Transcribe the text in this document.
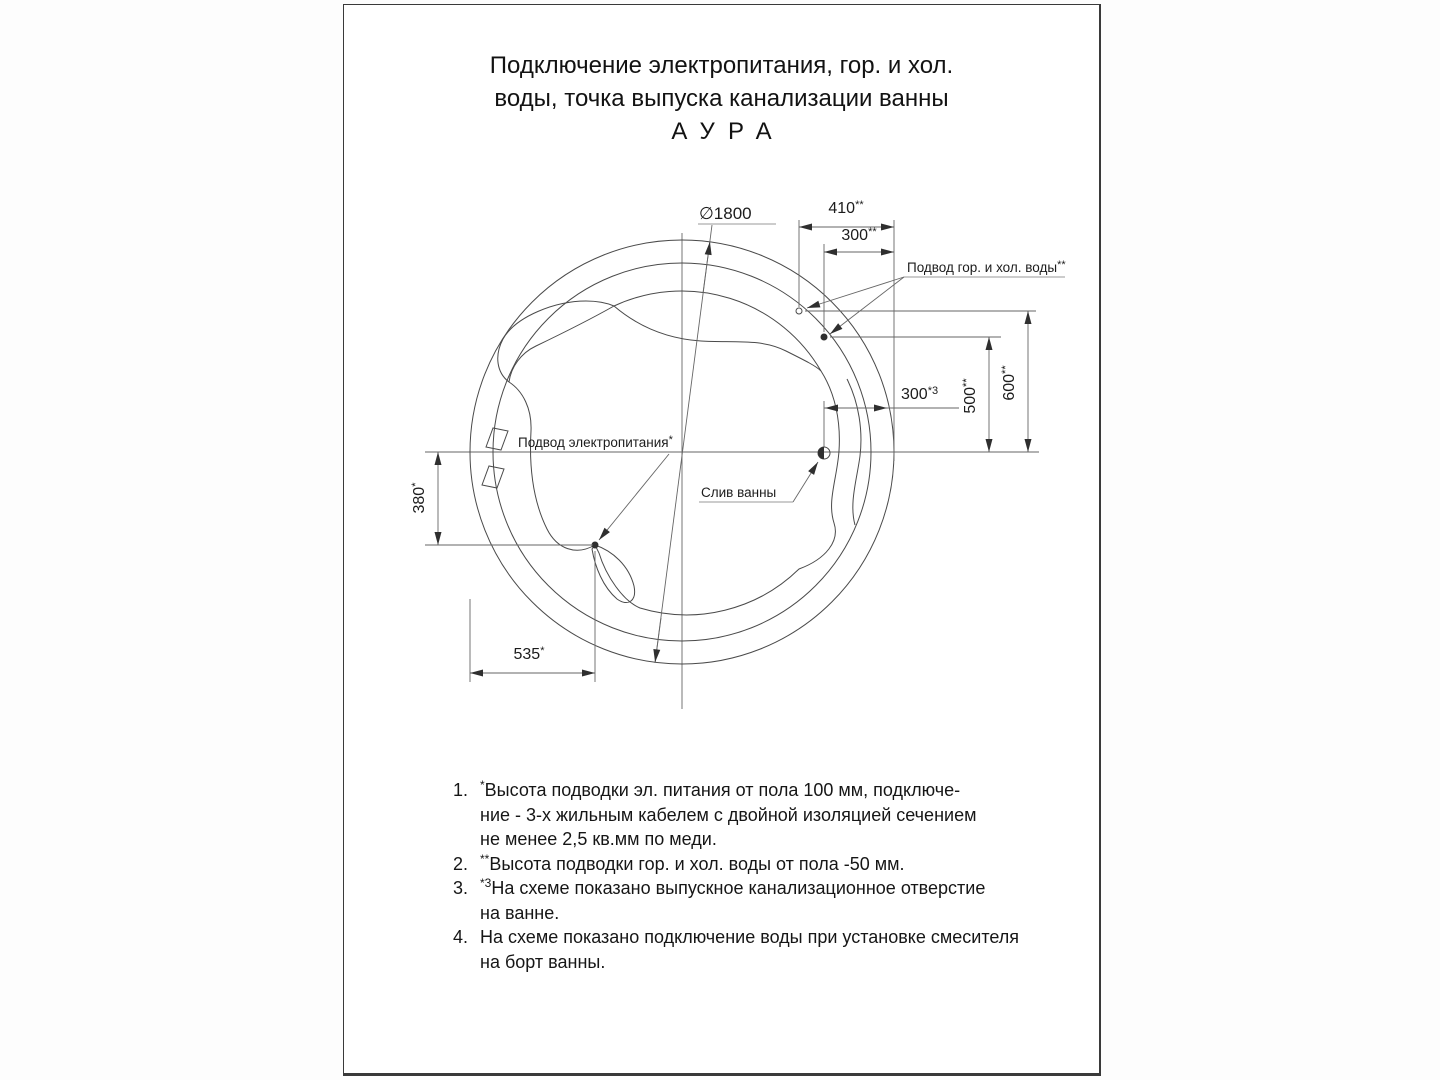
Подключение электропитания, гор. и хол.
воды, точка выпуска канализации ванны
АУРА
∅1800	410**
300**
Подвод гор. и хол. воды**
600**
500**
300$^{*3}$
Слив ванны
Подвод электропитания*
380*
535*
1. *Высота подводки эл. питания от пола 100 мм, подключе-
ние - 3-х жильным кабелем с двойной изоляцией сечением
не менее 2,5 кв.мм по меди.
2. **Высота подводки гор. и хол. воды от пола -50 мм.
3. $^{*3}$На схеме показано выпускное канализационное отверстие
на ванне.
4. На схеме показано подключение воды при установке смесителя
на борт ванны.
